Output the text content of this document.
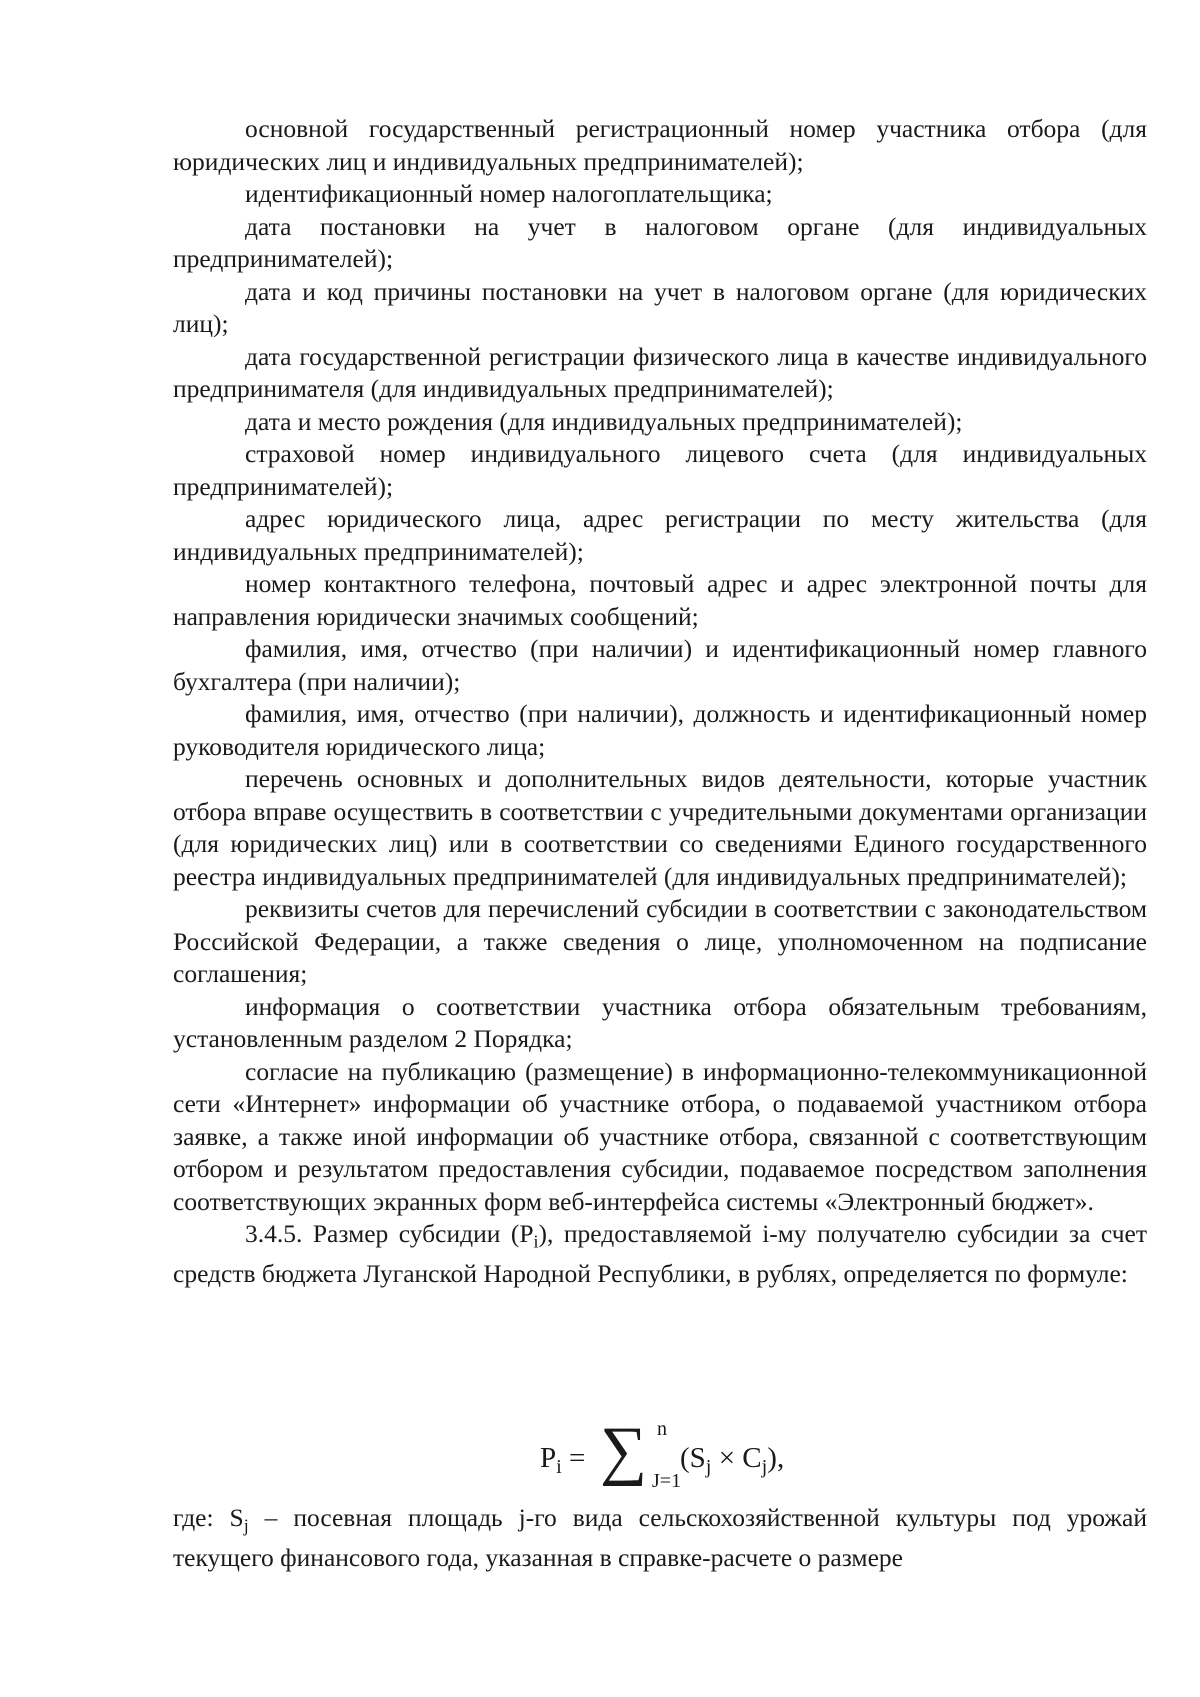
основной государственный регистрационный номер участника отбора (для юридических лиц и индивидуальных предпринимателей);

идентификационный номер налогоплательщика;

дата постановки на учет в налоговом органе (для индивидуальных предпринимателей);

дата и код причины постановки на учет в налоговом органе (для юридических лиц);

дата государственной регистрации физического лица в качестве индивидуального предпринимателя (для индивидуальных предпринимателей);

дата и место рождения (для индивидуальных предпринимателей);

страховой номер индивидуального лицевого счета (для индивидуальных предпринимателей);

адрес юридического лица, адрес регистрации по месту жительства (для индивидуальных предпринимателей);

номер контактного телефона, почтовый адрес и адрес электронной почты для направления юридически значимых сообщений;

фамилия, имя, отчество (при наличии) и идентификационный номер главного бухгалтера (при наличии);

фамилия, имя, отчество (при наличии), должность и идентификационный номер руководителя юридического лица;

перечень основных и дополнительных видов деятельности, которые участник отбора вправе осуществить в соответствии с учредительными документами организации (для юридических лиц) или в соответствии со сведениями Единого государственного реестра индивидуальных предпринимателей (для индивидуальных предпринимателей);

реквизиты счетов для перечислений субсидии в соответствии с законодательством Российской Федерации, а также сведения о лице, уполномоченном на подписание соглашения;

информация о соответствии участника отбора обязательным требованиям, установленным разделом 2 Порядка;

согласие на публикацию (размещение) в информационно-телекоммуникационной сети «Интернет» информации об участнике отбора, о подаваемой участником отбора заявке, а также иной информации об участнике отбора, связанной с соответствующим отбором и результатом предоставления субсидии, подаваемое посредством заполнения соответствующих экранных форм веб-интерфейса системы «Электронный бюджет».

3.4.5. Размер субсидии $(P_i)$, предоставляемой i-му получателю субсидии за счет средств бюджета Луганской Народной Республики, в рублях, определяется по формуле:

$P_i$ = ∑ n
J=1
$(S_j \times C_j)$,

где: $S_j$ – посевная площадь j-го вида сельскохозяйственной культуры под урожай текущего финансового года, указанная в справке-расчете о размере
